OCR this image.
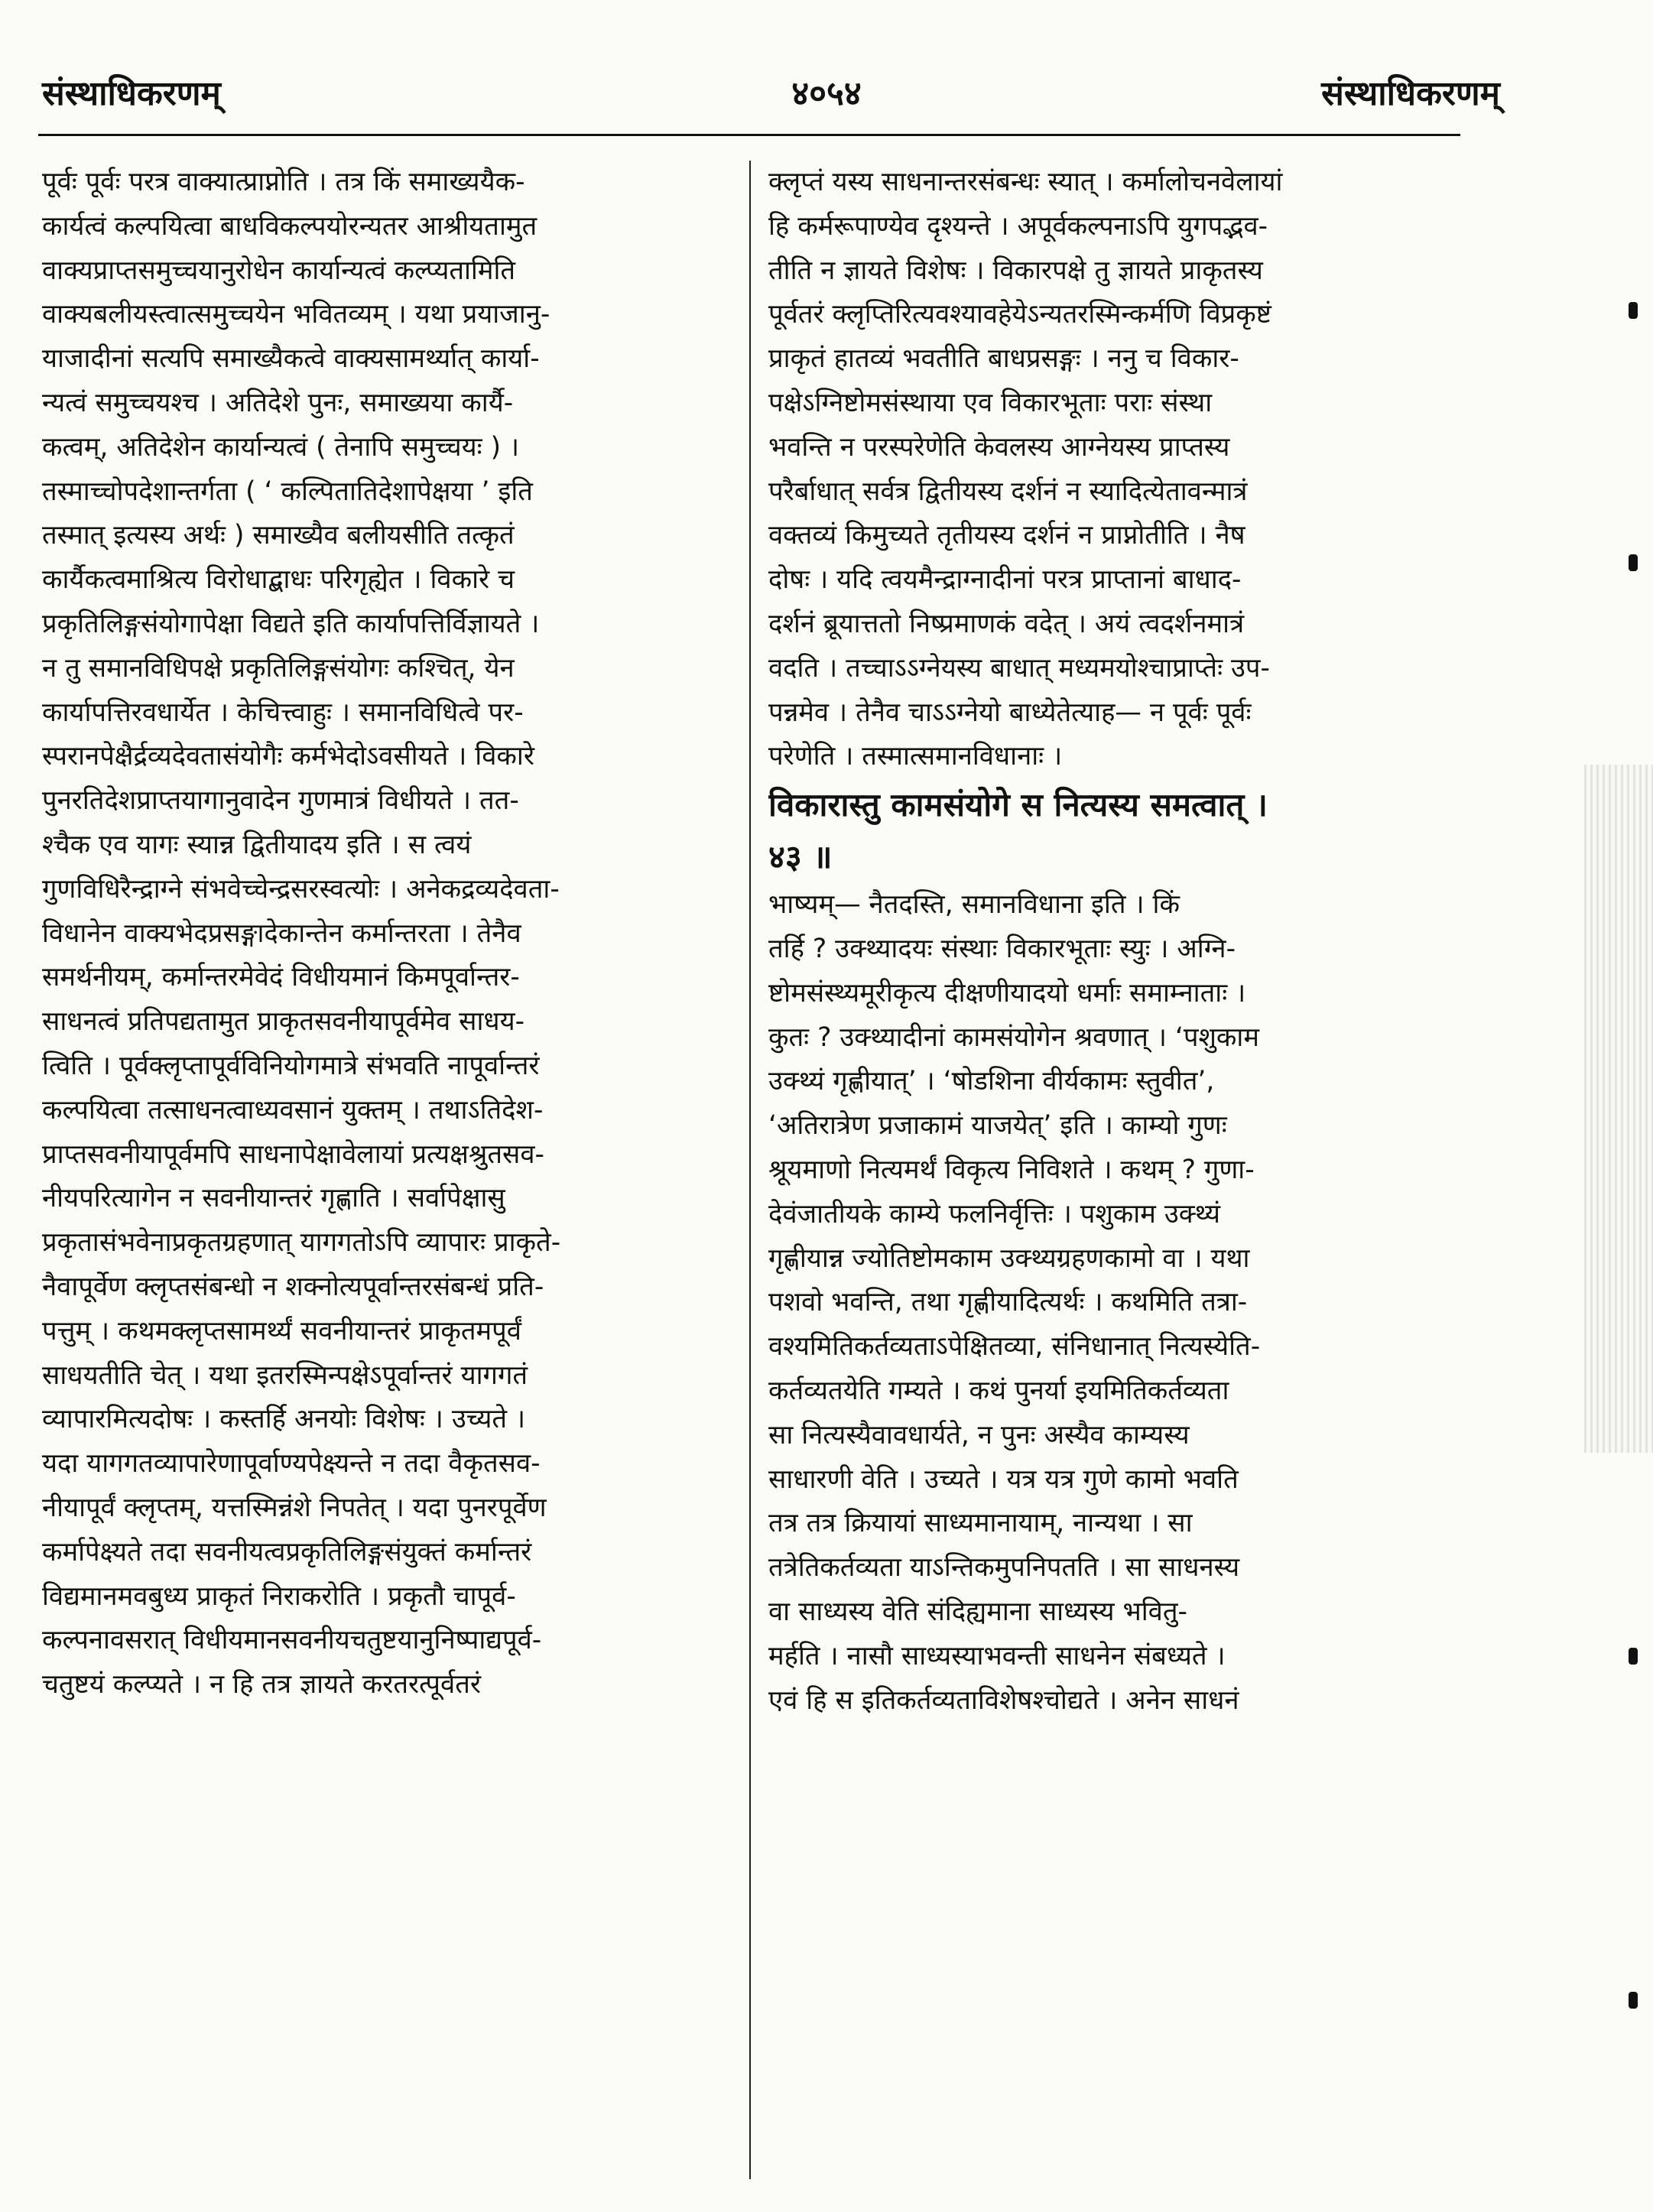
संस्थाधिकरणम्	४०५४	संस्थाधिकरणम्
पूर्वः पूर्वः परत्र वाक्यात्प्राप्नोति । तत्र किं समाख्ययैक-
कार्यत्वं कल्पयित्वा बाधविकल्पयोरन्यतर आश्रीयतामुत
वाक्यप्राप्तसमुच्चयानुरोधेन कार्यान्यत्वं कल्प्यतामिति
वाक्यबलीयस्त्वात्समुच्चयेन भवितव्यम् । यथा प्रयाजानु-
याजादीनां सत्यपि समाख्यैकत्वे वाक्यसामर्थ्यात् कार्या-
न्यत्वं समुच्चयश्च । अतिदेशे पुनः, समाख्यया कार्यै-
कत्वम्, अतिदेशेन कार्यान्यत्वं ( तेनापि समुच्चयः ) ।
तस्माच्चोपदेशान्तर्गता ( ‘ कल्पितातिदेशापेक्षया ’ इति
तस्मात् इत्यस्य अर्थः ) समाख्यैव बलीयसीति तत्कृतं
कार्यैकत्वमाश्रित्य विरोधाद्बाधः परिगृह्येत । विकारे च
प्रकृतिलिङ्गसंयोगापेक्षा विद्यते इति कार्यापत्तिर्विज्ञायते ।
न तु समानविधिपक्षे प्रकृतिलिङ्गसंयोगः कश्चित्, येन
कार्यापत्तिरवधार्येत । केचित्त्वाहुः । समानविधित्वे पर-
स्परानपेक्षैर्द्रव्यदेवतासंयोगैः कर्मभेदोऽवसीयते । विकारे
पुनरतिदेशप्राप्तयागानुवादेन गुणमात्रं विधीयते । तत-
श्चैक एव यागः स्यान्न द्वितीयादय इति । स त्वयं
गुणविधिरैन्द्राग्ने संभवेच्चेन्द्रसरस्वत्योः । अनेकद्रव्यदेवता-
विधानेन वाक्यभेदप्रसङ्गादेकान्तेन कर्मान्तरता । तेनैव
समर्थनीयम्, कर्मान्तरमेवेदं विधीयमानं किमपूर्वान्तर-
साधनत्वं प्रतिपद्यतामुत प्राकृतसवनीयापूर्वमेव साधय-
त्विति । पूर्वक्लृप्तापूर्वविनियोगमात्रे संभवति नापूर्वान्तरं
कल्पयित्वा तत्साधनत्वाध्यवसानं युक्तम् । तथाऽतिदेश-
प्राप्तसवनीयापूर्वमपि साधनापेक्षावेलायां प्रत्यक्षश्रुतसव-
नीयपरित्यागेन न सवनीयान्तरं गृह्णाति । सर्वापेक्षासु
प्रकृतासंभवेनाप्रकृतग्रहणात् यागगतोऽपि व्यापारः प्राकृते-
नैवापूर्वेण क्लृप्तसंबन्धो न शक्नोत्यपूर्वान्तरसंबन्धं प्रति-
पत्तुम् । कथमक्लृप्तसामर्थ्यं सवनीयान्तरं प्राकृतमपूर्वं
साधयतीति चेत् । यथा इतरस्मिन्पक्षेऽपूर्वान्तरं यागगतं
व्यापारमित्यदोषः । कस्तर्हि अनयोः विशेषः । उच्यते ।
यदा यागगतव्यापारेणापूर्वाण्यपेक्ष्यन्ते न तदा वैकृतसव-
नीयापूर्वं क्लृप्तम्, यत्तस्मिन्नंशे निपतेत् । यदा पुनरपूर्वेण
कर्मापेक्ष्यते तदा सवनीयत्वप्रकृतिलिङ्गसंयुक्तं कर्मान्तरं
विद्यमानमवबुध्य प्राकृतं निराकरोति । प्रकृतौ चापूर्व-
कल्पनावसरात् विधीयमानसवनीयचतुष्टयानुनिष्पाद्यपूर्व-
चतुष्टयं कल्प्यते । न हि तत्र ज्ञायते करतरत्पूर्वतरं
क्लृप्तं यस्य साधनान्तरसंबन्धः स्यात् । कर्मालोचनवेलायां
हि कर्मरूपाण्येव दृश्यन्ते । अपूर्वकल्पनाऽपि युगपद्भव-
तीति न ज्ञायते विशेषः । विकारपक्षे तु ज्ञायते प्राकृतस्य
पूर्वतरं क्लृप्तिरित्यवश्यावहेयेऽन्यतरस्मिन्कर्मणि विप्रकृष्टं
प्राकृतं हातव्यं भवतीति बाधप्रसङ्गः । ननु च विकार-
पक्षेऽग्निष्टोमसंस्थाया एव विकारभूताः पराः संस्था
भवन्ति न परस्परेणेति केवलस्य आग्नेयस्य प्राप्तस्य
परैर्बाधात् सर्वत्र द्वितीयस्य दर्शनं न स्यादित्येतावन्मात्रं
वक्तव्यं किमुच्यते तृतीयस्य दर्शनं न प्राप्नोतीति । नैष
दोषः । यदि त्वयमैन्द्राग्नादीनां परत्र प्राप्तानां बाधाद-
दर्शनं ब्रूयात्ततो निष्प्रमाणकं वदेत् । अयं त्वदर्शनमात्रं
वदति । तच्चाऽऽग्नेयस्य बाधात् मध्यमयोश्चाप्राप्तेः उप-
पन्नमेव । तेनैव चाऽऽग्नेयो बाध्येतेत्याह— न पूर्वः पूर्वः
परेणेति । तस्मात्समानविधानाः ।
विकारास्तु कामसंयोगे स नित्यस्य समत्वात् ।
४३ ॥
भाष्यम्— नैतदस्ति, समानविधाना इति । किं
तर्हि ? उक्थ्यादयः संस्थाः विकारभूताः स्युः । अग्नि-
ष्टोमसंस्थ्यमूरीकृत्य दीक्षणीयादयो धर्माः समाम्नाताः ।
कुतः ? उक्थ्यादीनां कामसंयोगेन श्रवणात् । ‘पशुकाम
उक्थ्यं गृह्णीयात्’ । ‘षोडशिना वीर्यकामः स्तुवीत’,
‘अतिरात्रेण प्रजाकामं याजयेत्’ इति । काम्यो गुणः
श्रूयमाणो नित्यमर्थं विकृत्य निविशते । कथम् ? गुणा-
देवंजातीयके काम्ये फलनिर्वृत्तिः । पशुकाम उक्थ्यं
गृह्णीयान्न ज्योतिष्टोमकाम उक्थ्यग्रहणकामो वा । यथा
पशवो भवन्ति, तथा गृह्णीयादित्यर्थः । कथमिति तत्रा-
वश्यमितिकर्तव्यताऽपेक्षितव्या, संनिधानात् नित्यस्येति-
कर्तव्यतयेति गम्यते । कथं पुनर्या इयमितिकर्तव्यता
सा नित्यस्यैवावधार्यते, न पुनः अस्यैव काम्यस्य
साधारणी वेति । उच्यते । यत्र यत्र गुणे कामो भवति
तत्र तत्र क्रियायां साध्यमानायाम्, नान्यथा । सा
तत्रेतिकर्तव्यता याऽन्तिकमुपनिपतति । सा साधनस्य
वा साध्यस्य वेति संदिह्यमाना साध्यस्य भवितु-
मर्हति । नासौ साध्यस्याभवन्ती साधनेन संबध्यते ।
एवं हि स इतिकर्तव्यताविशेषश्चोद्यते । अनेन साधनं
